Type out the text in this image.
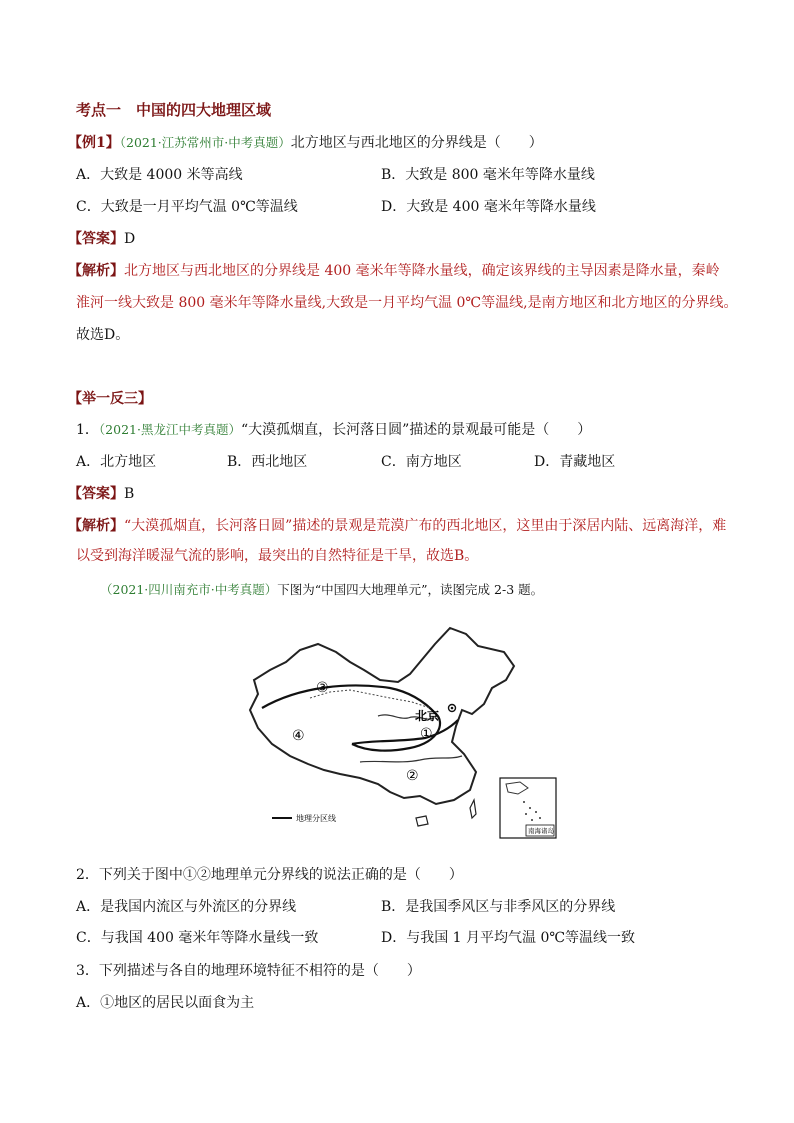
考点一　中国的四大地理区域
【例1】（2021·江苏常州市·中考真题）北方地区与西北地区的分界线是（　　）
A．大致是 4000 米等高线	B．大致是 800 毫米年等降水量线
C．大致是一月平均气温 0℃等温线	D．大致是 400 毫米年等降水量线
【答案】D
【解析】北方地区与西北地区的分界线是 400 毫米年等降水量线，确定该界线的主导因素是降水量，秦岭
淮河一线大致是 800 毫米年等降水量线,大致是一月平均气温 0℃等温线,是南方地区和北方地区的分界线。
故选D。
【举一反三】
1．（2021·黑龙江中考真题）“大漠孤烟直，长河落日圆”描述的景观最可能是（　　）
A．北方地区	B．西北地区	C．南方地区	D．青藏地区
【答案】B
【解析】“大漠孤烟直，长河落日圆”描述的景观是荒漠广布的西北地区，这里由于深居内陆、远离海洋，难
以受到海洋暖湿气流的影响，最突出的自然特征是干旱，故选B。
（2021·四川南充市·中考真题）下图为“中国四大地理单元”，读图完成 2-3 题。
北京
①
②
③
④
地理分区线
南海诸岛
2．下列关于图中①②地理单元分界线的说法正确的是（　　）
A．是我国内流区与外流区的分界线	B．是我国季风区与非季风区的分界线
C．与我国 400 毫米年等降水量线一致	D．与我国 1 月平均气温 0℃等温线一致
3．下列描述与各自的地理环境特征不相符的是（　　）
A．①地区的居民以面食为主
